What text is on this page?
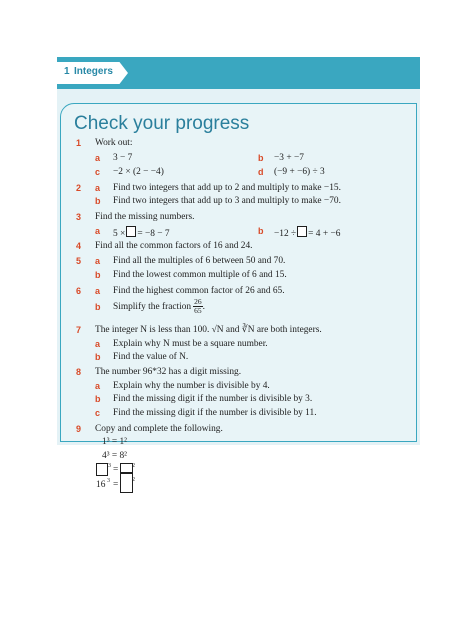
1 Integers
Check your progress
1 Work out:
a 3 − 7	b −3 + −7
c −2 × (2 − −4)	d (−9 + −6) ÷ 3
2 a Find two integers that add up to 2 and multiply to make −15.
b Find two integers that add up to 3 and multiply to make −70.
3 Find the missing numbers.
a 5 × = −8 − 7	b −12 ÷ = 4 + −6
4 Find all the common factors of 16 and 24.
5 a Find all the multiples of 6 between 50 and 70.
b Find the lowest common multiple of 6 and 15.
6 a Find the highest common factor of 26 and 65.
b Simplify the fraction $\frac{26}{65}$ .
7 The integer N is less than 100. √N and ∛N are both integers.
a Explain why N must be a square number.
b Find the value of N.
8 The number 96*32 has a digit missing.
a Explain why the number is divisible by 4.
b Find the missing digit if the number is divisible by 3.
c Find the missing digit if the number is divisible by 11.
9 Copy and complete the following.
1³ = 1²
4³ = 8²
3 = 2
16 3 = 2
